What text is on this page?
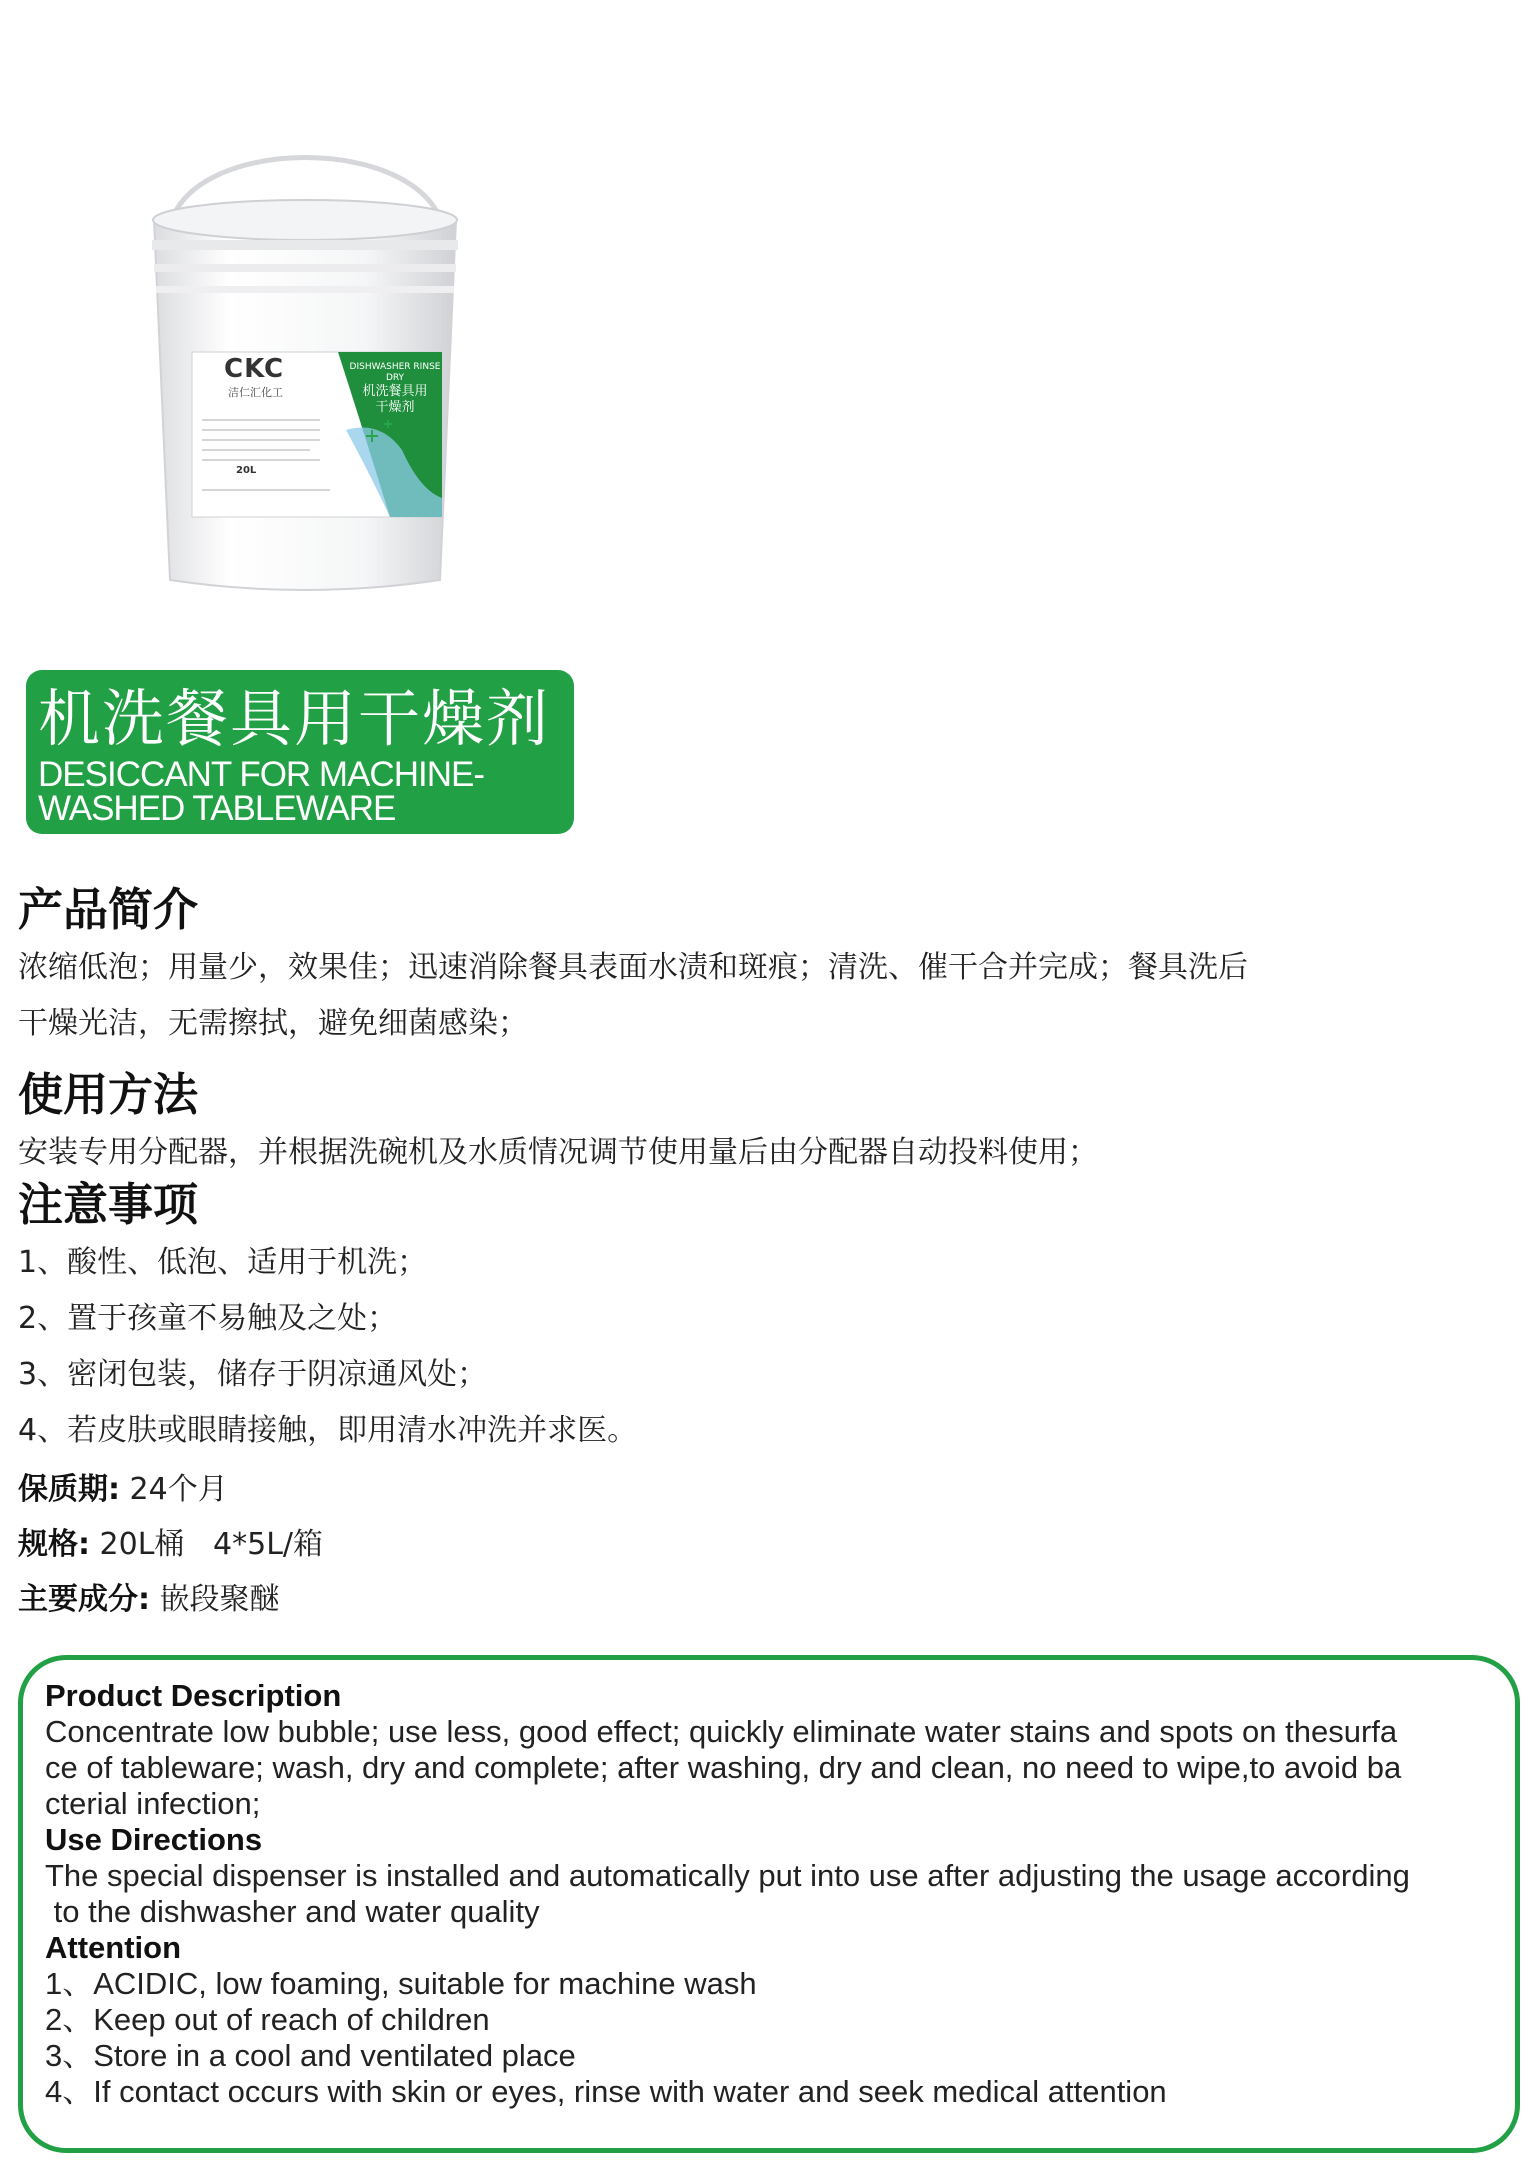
CKC
洁仁汇化工
DISHWASHER RINSE DRY
机洗餐具用
干燥剂
20L
机洗餐具用干燥剂
DESICCANT FOR MACHINE-WASHED TABLEWARE
产品简介
浓缩低泡；用量少，效果佳；迅速消除餐具表面水渍和斑痕；清洗、催干合并完成；餐具洗后
干燥光洁，无需擦拭，避免细菌感染；
使用方法
安装专用分配器，并根据洗碗机及水质情况调节使用量后由分配器自动投料使用；
注意事项
1、酸性、低泡、适用于机洗；
2、置于孩童不易触及之处；
3、密闭包装，储存于阴凉通风处；
4、若皮肤或眼睛接触，即用清水冲洗并求医。
保质期: 24个月
规格: 20L桶   4*5L/箱
主要成分: 嵌段聚醚
Product Description

Concentrate low bubble; use less, good effect; quickly eliminate water stains and spots on thesurfa

ce of tableware; wash, dry and complete; after washing, dry and clean, no need to wipe,to avoid ba

cterial infection;

Use Directions

The special dispenser is installed and automatically put into use after adjusting the usage according

to the dishwasher and water quality

Attention
1、ACIDIC, low foaming, suitable for machine wash
2、Keep out of reach of children
3、Store in a cool and ventilated place
4、If contact occurs with skin or eyes, rinse with water and seek medical attention
